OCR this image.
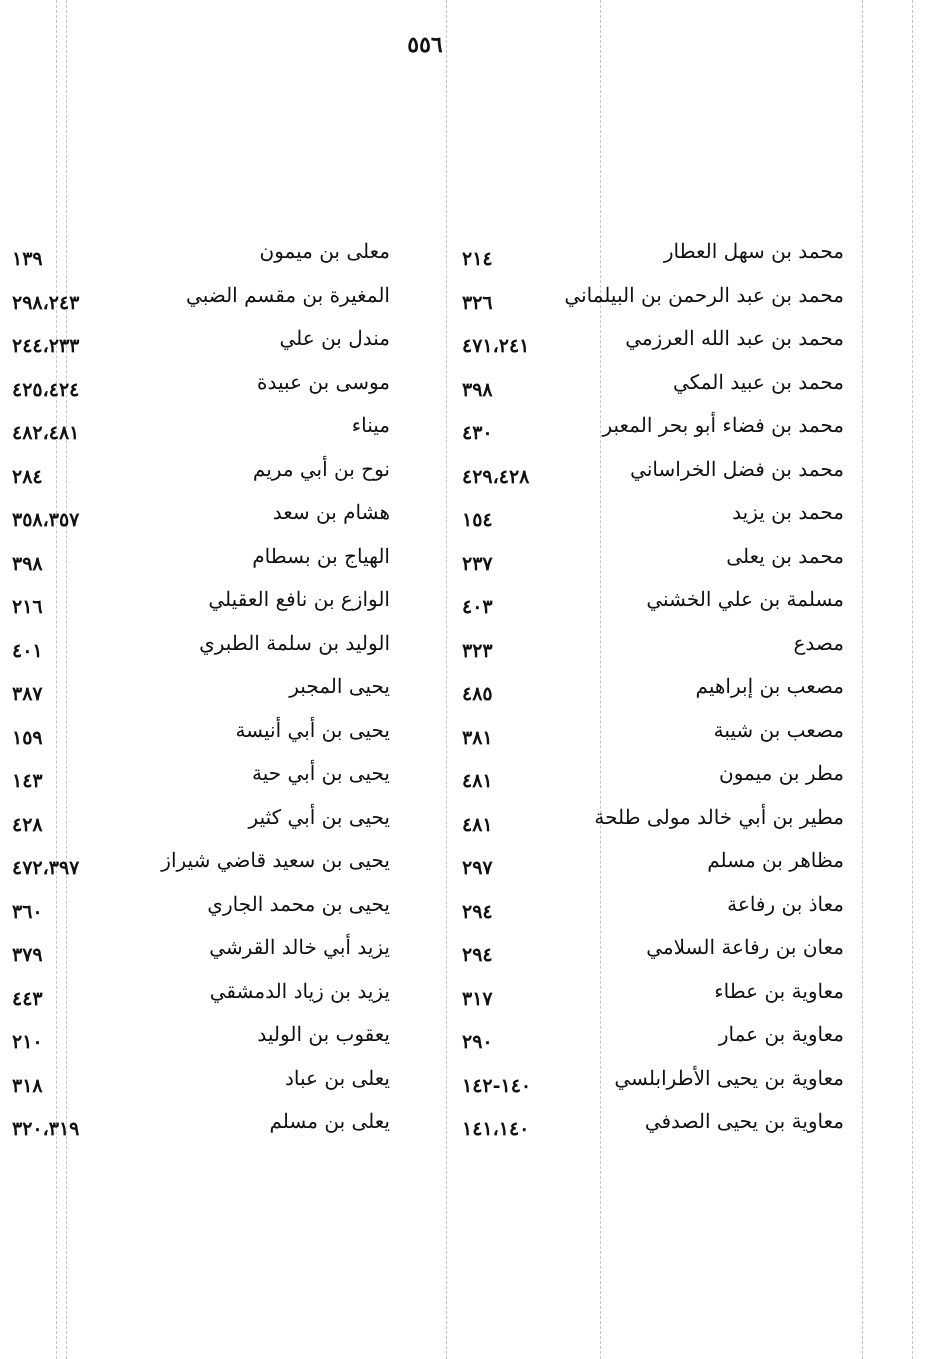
٥٥٦
محمد بن سهل العطار
٢١٤
محمد بن عبد الرحمن بن البيلماني
٣٢٦
محمد بن عبد الله العرزمي
٤٧١،٢٤١
محمد بن عبيد المكي
٣٩٨
محمد بن فضاء أبو بحر المعبر
٤٣٠
محمد بن فضل الخراساني
٤٢٩،٤٢٨
محمد بن يزيد
١٥٤
محمد بن يعلى
٢٣٧
مسلمة بن علي الخشني
٤٠٣
مصدع
٣٢٣
مصعب بن إبراهيم
٤٨٥
مصعب بن شيبة
٣٨١
مطر بن ميمون
٤٨١
مطير بن أبي خالد مولى طلحة
٤٨١
مظاهر بن مسلم
٢٩٧
معاذ بن رفاعة
٢٩٤
معان بن رفاعة السلامي
٢٩٤
معاوية بن عطاء
٣١٧
معاوية بن عمار
٢٩٠
معاوية بن يحيى الأطرابلسي
١٤٠-١٤٢
معاوية بن يحيى الصدفي
١٤١،١٤٠
معلى بن ميمون
١٣٩
المغيرة بن مقسم الضبي
٢٩٨،٢٤٣
مندل بن علي
٢٤٤،٢٣٣
موسى بن عبيدة
٤٢٥،٤٢٤
ميناء
٤٨٢،٤٨١
نوح بن أبي مريم
٢٨٤
هشام بن سعد
٣٥٨،٣٥٧
الهياج بن بسطام
٣٩٨
الوازع بن نافع العقيلي
٢١٦
الوليد بن سلمة الطبري
٤٠١
يحيى المجبر
٣٨٧
يحيى بن أبي أنيسة
١٥٩
يحيى بن أبي حية
١٤٣
يحيى بن أبي كثير
٤٢٨
يحيى بن سعيد قاضي شيراز
٤٧٢،٣٩٧
يحيى بن محمد الجاري
٣٦٠
يزيد أبي خالد القرشي
٣٧٩
يزيد بن زياد الدمشقي
٤٤٣
يعقوب بن الوليد
٢١٠
يعلى بن عباد
٣١٨
يعلى بن مسلم
٣٢٠،٣١٩
